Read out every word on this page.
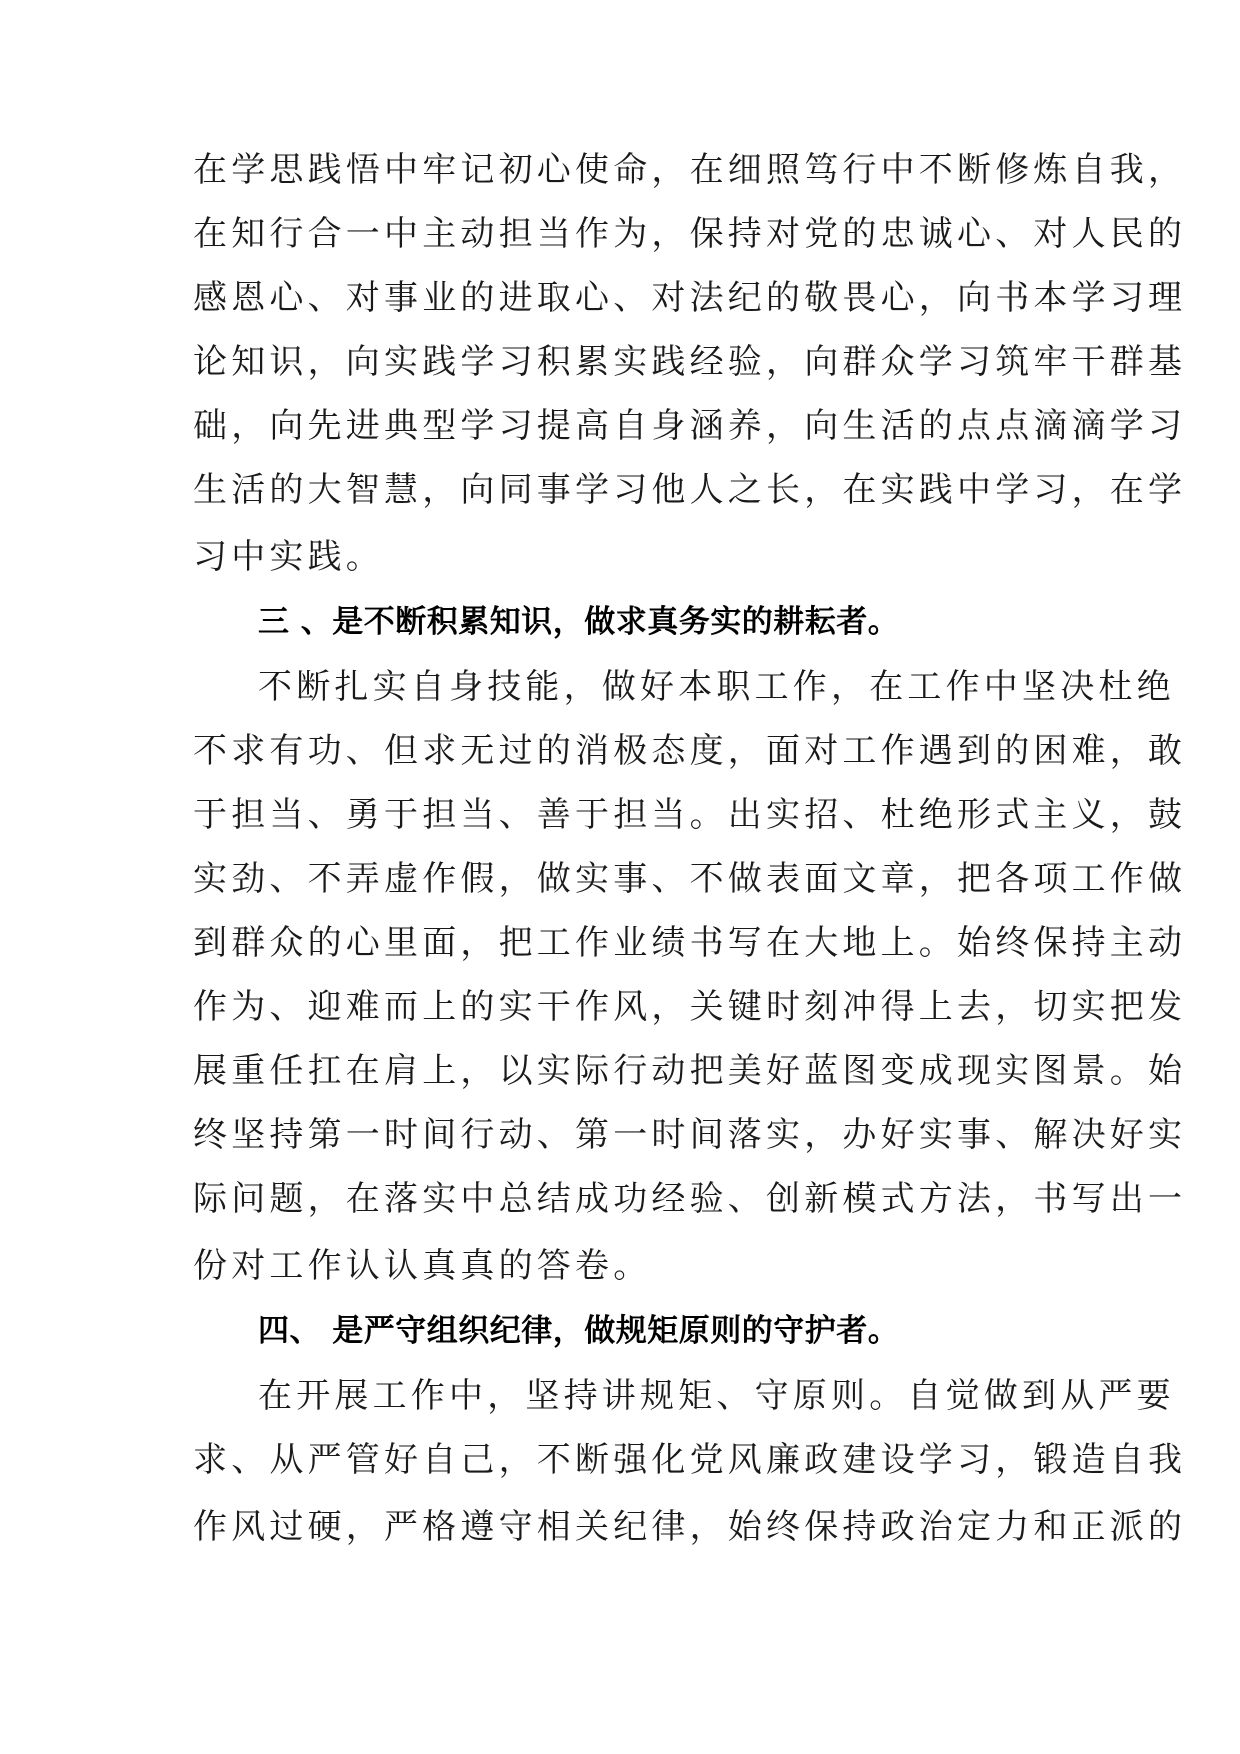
在学思践悟中牢记初心使命，在细照笃行中不断修炼自我，
在知行合一中主动担当作为，保持对党的忠诚心、对人民的
感恩心、对事业的进取心、对法纪的敬畏心，向书本学习理
论知识，向实践学习积累实践经验，向群众学习筑牢干群基
础，向先进典型学习提高自身涵养，向生活的点点滴滴学习
生活的大智慧，向同事学习他人之长，在实践中学习，在学
习中实践。
三 、是不断积累知识，做求真务实的耕耘者。
不断扎实自身技能，做好本职工作，在工作中坚决杜绝
不求有功、但求无过的消极态度，面对工作遇到的困难，敢
于担当、勇于担当、善于担当。出实招、杜绝形式主义，鼓
实劲、不弄虚作假，做实事、不做表面文章，把各项工作做
到群众的心里面，把工作业绩书写在大地上。始终保持主动
作为、迎难而上的实干作风，关键时刻冲得上去，切实把发
展重任扛在肩上，以实际行动把美好蓝图变成现实图景。始
终坚持第一时间行动、第一时间落实，办好实事、解决好实
际问题，在落实中总结成功经验、创新模式方法，书写出一
份对工作认认真真的答卷。
四、 是严守组织纪律，做规矩原则的守护者。
在开展工作中，坚持讲规矩、守原则。自觉做到从严要
求、从严管好自己，不断强化党风廉政建设学习，锻造自我
作风过硬，严格遵守相关纪律，始终保持政治定力和正派的
